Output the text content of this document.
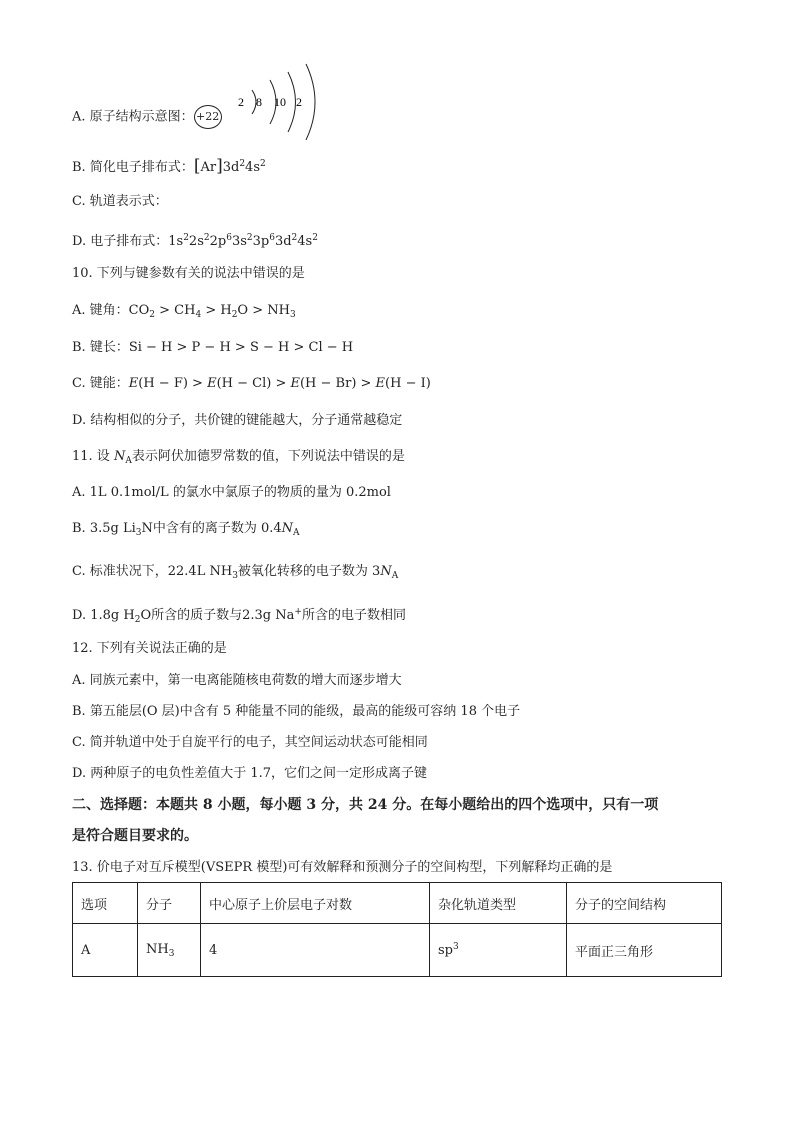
A. 原子结构示意图： +22
2 8 10 2
B. 简化电子排布式：$[Ar]3d^24s^2$
C. 轨道表示式：
D. 电子排布式：$1s^22s^22p^63s^23p^63d^24s^2$
10. 下列与键参数有关的说法中错误的是
A. 键角：$CO_2 > CH_4 > H_2O > NH_3$
B. 键长：Si − H > P − H > S − H > Cl − H
C. 键能：E(H − F) > E(H − Cl) > E(H − Br) > E(H − I)
D. 结构相似的分子，共价键的键能越大，分子通常越稳定
11. 设 $N_A$表示阿伏加德罗常数的值，下列说法中错误的是
A. 1L 0.1mol/L 的氯水中氯原子的物质的量为 0.2mol
B. 3.5g $Li_3N$中含有的离子数为 $0.4N_A$
C. 标准状况下，22.4L $NH_3$被氧化转移的电子数为 $3N_A$
D. 1.8g $H_2O$所含的质子数与2.3g Na+所含的电子数相同
12. 下列有关说法正确的是
A. 同族元素中，第一电离能随核电荷数的增大而逐步增大
B. 第五能层(O 层)中含有 5 种能量不同的能级，最高的能级可容纳 18 个电子
C. 简并轨道中处于自旋平行的电子，其空间运动状态可能相同
D. 两种原子的电负性差值大于 1.7，它们之间一定形成离子键
二、选择题：本题共 8 小题，每小题 3 分，共 24 分。在每小题给出的四个选项中，只有一项
是符合题目要求的。
13. 价电子对互斥模型(VSEPR 模型)可有效解释和预测分子的空间构型，下列解释均正确的是
选项	分子	中心原子上价层电子对数	杂化轨道类型	分子的空间结构
A	$NH_3$	4	$sp^3$	平面正三角形
